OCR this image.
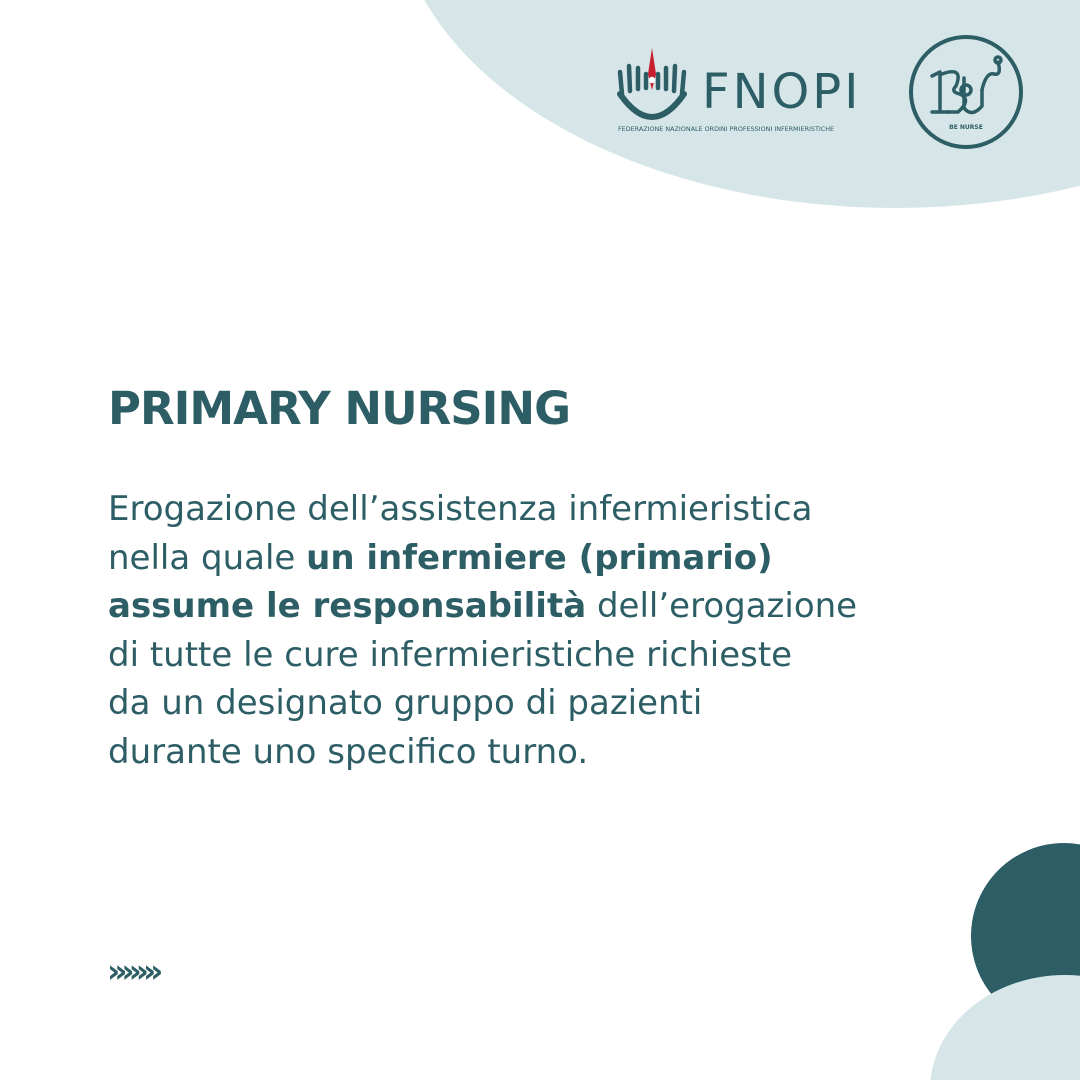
FNOPI
FEDERAZIONE NAZIONALE ORDINI PROFESSIONI INFERMIERISTICHE	BE NURSE
PRIMARY NURSING

Erogazione dell’assistenza infermieristica
nella quale un infermiere (primario)
assume le responsabilità dell’erogazione
di tutte le cure infermieristiche richieste
da un designato gruppo di pazienti
durante uno specifico turno.

›››››››
